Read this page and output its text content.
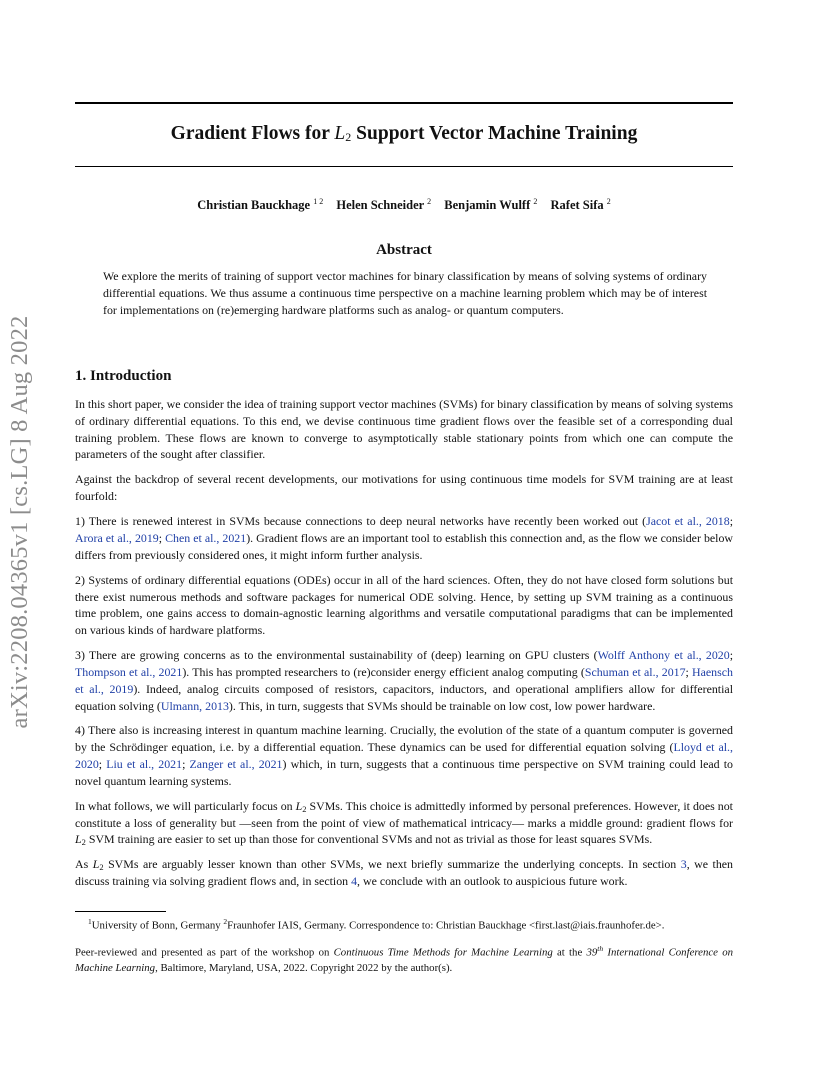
arXiv:2208.04365v1 [cs.LG] 8 Aug 2022
Gradient Flows for $L_2$ Support Vector Machine Training
Christian Bauckhage $^{1 2}$ Helen Schneider $^2$ Benjamin Wulff $^2$ Rafet Sifa $^2$
Abstract

We explore the merits of training of support vector machines for binary classification by means of solving systems of ordinary differential equations. We thus assume a continuous time perspective on a machine learning problem which may be of interest for implementations on (re)emerging hardware platforms such as analog- or quantum computers.

1. Introduction

In this short paper, we consider the idea of training support vector machines (SVMs) for binary classification by means of solving systems of ordinary differential equations. To this end, we devise continuous time gradient flows over the feasible set of a corresponding dual training problem. These flows are known to converge to asymptotically stable stationary points from which one can compute the parameters of the sought after classifier.

Against the backdrop of several recent developments, our motivations for using continuous time models for SVM training are at least fourfold:

1) There is renewed interest in SVMs because connections to deep neural networks have recently been worked out (Jacot et al., 2018; Arora et al., 2019; Chen et al., 2021). Gradient flows are an important tool to establish this connection and, as the flow we consider below differs from previously considered ones, it might inform further analysis.

2) Systems of ordinary differential equations (ODEs) occur in all of the hard sciences. Often, they do not have closed form solutions but there exist numerous methods and software packages for numerical ODE solving. Hence, by setting up SVM training as a continuous time problem, one gains access to domain-agnostic learning algorithms and versatile computational paradigms that can be implemented on various kinds of hardware platforms.

3) There are growing concerns as to the environmental sustainability of (deep) learning on GPU clusters (Wolff Anthony et al., 2020; Thompson et al., 2021). This has prompted researchers to (re)consider energy efficient analog computing (Schuman et al., 2017; Haensch et al., 2019). Indeed, analog circuits composed of resistors, capacitors, inductors, and operational amplifiers allow for differential equation solving (Ulmann, 2013). This, in turn, suggests that SVMs should be trainable on low cost, low power hardware.

4) There also is increasing interest in quantum machine learning. Crucially, the evolution of the state of a quantum computer is governed by the Schrödinger equation, i.e. by a differential equation. These dynamics can be used for differential equation solving (Lloyd et al., 2020; Liu et al., 2021; Zanger et al., 2021) which, in turn, suggests that a continuous time perspective on SVM training could lead to novel quantum learning systems.

In what follows, we will particularly focus on $L_2$ SVMs. This choice is admittedly informed by personal preferences. However, it does not constitute a loss of generality but —seen from the point of view of mathematical intricacy— marks a middle ground: gradient flows for $L_2$ SVM training are easier to set up than those for conventional SVMs and not as trivial as those for least squares SVMs.

As $L_2$ SVMs are arguably lesser known than other SVMs, we next briefly summarize the underlying concepts. In section 3, we then discuss training via solving gradient flows and, in section 4, we conclude with an outlook to auspicious future work.

$^1$University of Bonn, Germany $^2$Fraunhofer IAIS, Germany. Correspondence to: Christian Bauckhage <first.last@iais.fraunhofer.de>.

Peer-reviewed and presented as part of the workshop on Continuous Time Methods for Machine Learning at the 39th International Conference on Machine Learning, Baltimore, Maryland, USA, 2022. Copyright 2022 by the author(s).
